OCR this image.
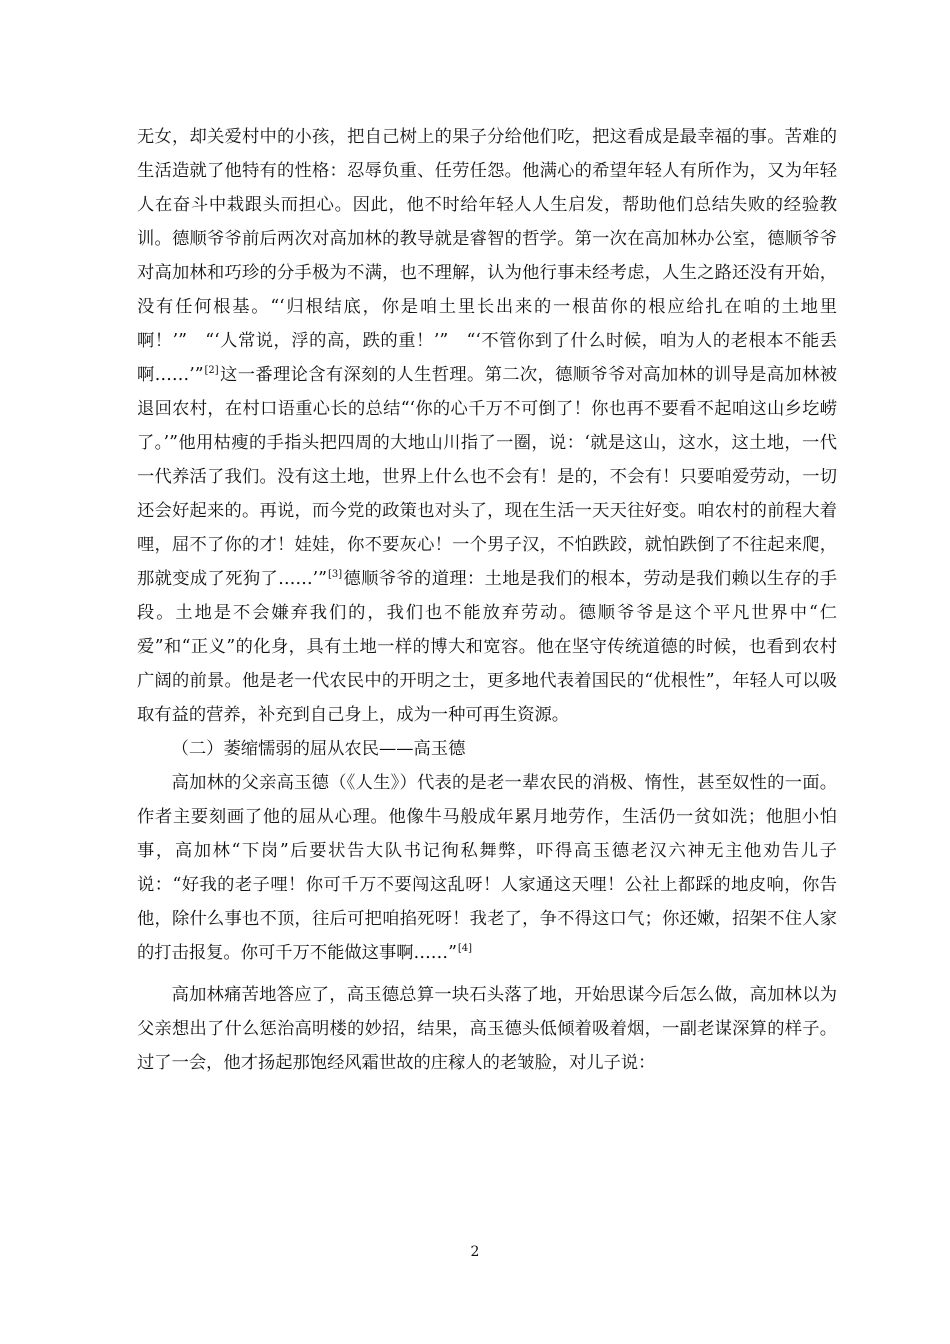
无女，却关爱村中的小孩，把自己树上的果子分给他们吃，把这看成是最幸福的事。苦难的生活造就了他特有的性格：忍辱负重、任劳任怨。他满心的希望年轻人有所作为，又为年轻人在奋斗中栽跟头而担心。因此，他不时给年轻人人生启发，帮助他们总结失败的经验教训。德顺爷爷前后两次对高加林的教导就是睿智的哲学。第一次在高加林办公室，德顺爷爷对高加林和巧珍的分手极为不满，也不理解，认为他行事未经考虑，人生之路还没有开始，没有任何根基。“‘归根结底，你是咱土里长出来的一根苗你的根应给扎在咱的土地里啊！’”　“‘人常说，浮的高，跌的重！’”　“‘不管你到了什么时候，咱为人的老根本不能丢啊……’”[2]这一番理论含有深刻的人生哲理。第二次，德顺爷爷对高加林的训导是高加林被退回农村，在村口语重心长的总结“‘你的心千万不可倒了！你也再不要看不起咱这山乡圪崂了。’”他用枯瘦的手指头把四周的大地山川指了一圈，说：‘就是这山，这水，这土地，一代一代养活了我们。没有这土地，世界上什么也不会有！是的，不会有！只要咱爱劳动，一切还会好起来的。再说，而今党的政策也对头了，现在生活一天天往好变。咱农村的前程大着哩，屈不了你的才！娃娃，你不要灰心！一个男子汉，不怕跌跤，就怕跌倒了不往起来爬，那就变成了死狗了……’”[3]德顺爷爷的道理：土地是我们的根本，劳动是我们赖以生存的手段。土地是不会嫌弃我们的，我们也不能放弃劳动。德顺爷爷是这个平凡世界中“仁爱”和“正义”的化身，具有土地一样的博大和宽容。他在坚守传统道德的时候，也看到农村广阔的前景。他是老一代农民中的开明之士，更多地代表着国民的“优根性”，年轻人可以吸取有益的营养，补充到自己身上，成为一种可再生资源。

（二）萎缩懦弱的屈从农民——高玉德

高加林的父亲高玉德（《人生》）代表的是老一辈农民的消极、惰性，甚至奴性的一面。作者主要刻画了他的屈从心理。他像牛马般成年累月地劳作，生活仍一贫如洗；他胆小怕事，高加林“下岗”后要状告大队书记徇私舞弊，吓得高玉德老汉六神无主他劝告儿子说：“好我的老子哩！你可千万不要闯这乱呀！人家通这天哩！公社上都踩的地皮响，你告他，除什么事也不顶，往后可把咱掐死呀！我老了，争不得这口气；你还嫩，招架不住人家的打击报复。你可千万不能做这事啊……”[4]

高加林痛苦地答应了，高玉德总算一块石头落了地，开始思谋今后怎么做，高加林以为父亲想出了什么惩治高明楼的妙招，结果，高玉德头低倾着吸着烟，一副老谋深算的样子。过了一会，他才扬起那饱经风霜世故的庄稼人的老皱脸，对儿子说：

2
